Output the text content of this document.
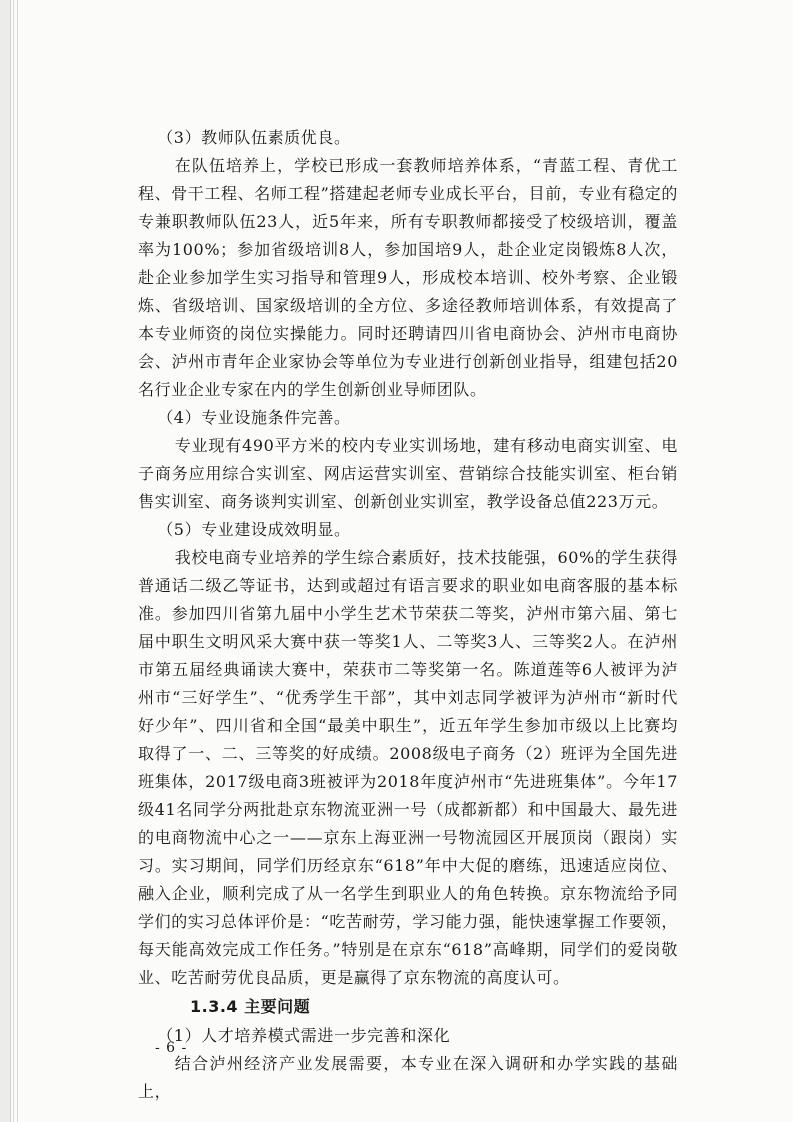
（3）教师队伍素质优良。

在队伍培养上，学校已形成一套教师培养体系，“青蓝工程、青优工程、骨干工程、名师工程”搭建起老师专业成长平台，目前，专业有稳定的专兼职教师队伍23人，近5年来，所有专职教师都接受了校级培训，覆盖率为100%；参加省级培训8人，参加国培9人，赴企业定岗锻炼8人次，赴企业参加学生实习指导和管理9人，形成校本培训、校外考察、企业锻炼、省级培训、国家级培训的全方位、多途径教师培训体系，有效提高了本专业师资的岗位实操能力。同时还聘请四川省电商协会、泸州市电商协会、泸州市青年企业家协会等单位为专业进行创新创业指导，组建包括20名行业企业专家在内的学生创新创业导师团队。

（4）专业设施条件完善。

专业现有490平方米的校内专业实训场地，建有移动电商实训室、电子商务应用综合实训室、网店运营实训室、营销综合技能实训室、柜台销售实训室、商务谈判实训室、创新创业实训室，教学设备总值223万元。

（5）专业建设成效明显。

我校电商专业培养的学生综合素质好，技术技能强，60%的学生获得普通话二级乙等证书，达到或超过有语言要求的职业如电商客服的基本标准。参加四川省第九届中小学生艺术节荣获二等奖，泸州市第六届、第七届中职生文明风采大赛中获一等奖1人、二等奖3人、三等奖2人。在泸州市第五届经典诵读大赛中，荣获市二等奖第一名。陈道莲等6人被评为泸州市“三好学生”、“优秀学生干部”，其中刘志同学被评为泸州市“新时代好少年”、四川省和全国“最美中职生”，近五年学生参加市级以上比赛均取得了一、二、三等奖的好成绩。2008级电子商务（2）班评为全国先进班集体，2017级电商3班被评为2018年度泸州市“先进班集体”。今年17级41名同学分两批赴京东物流亚洲一号（成都新都）和中国最大、最先进的电商物流中心之一——京东上海亚洲一号物流园区开展顶岗（跟岗）实习。实习期间，同学们历经京东“618”年中大促的磨练，迅速适应岗位、融入企业，顺利完成了从一名学生到职业人的角色转换。京东物流给予同学们的实习总体评价是：“吃苦耐劳，学习能力强，能快速掌握工作要领，每天能高效完成工作任务。”特别是在京东“618”高峰期，同学们的爱岗敬业、吃苦耐劳优良品质，更是赢得了京东物流的高度认可。

1.3.4 主要问题

（1）人才培养模式需进一步完善和深化

结合泸州经济产业发展需要，本专业在深入调研和办学实践的基础上，

- 6 -
